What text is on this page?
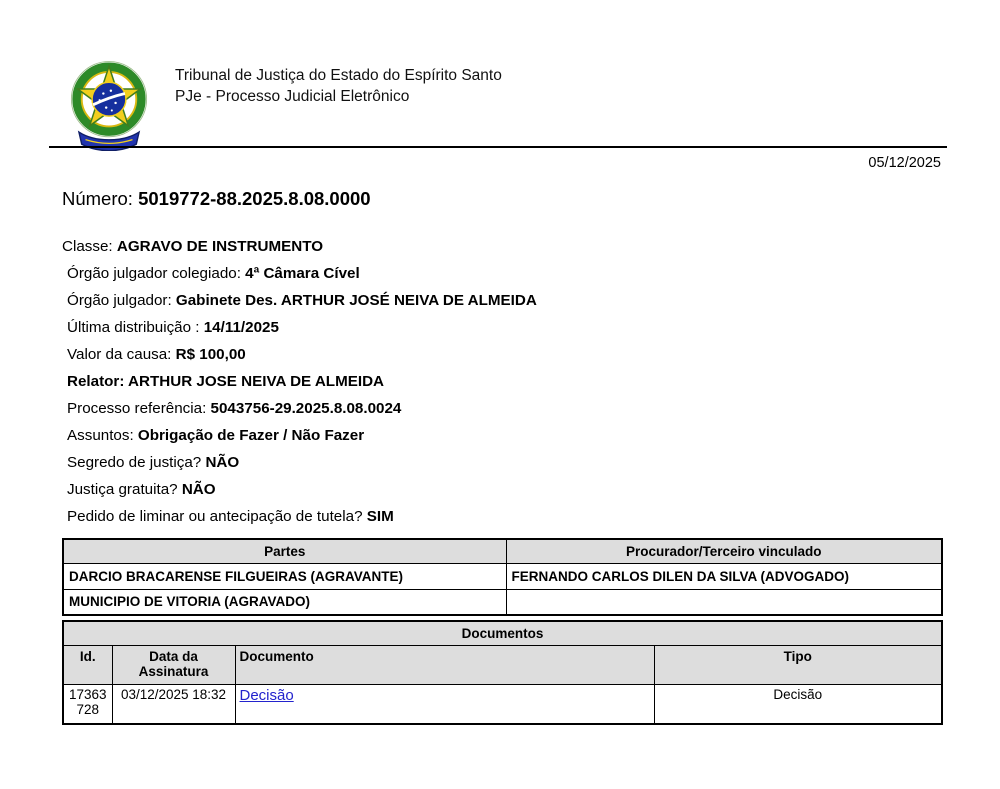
Tribunal de Justiça do Estado do Espírito Santo
PJe - Processo Judicial Eletrônico
05/12/2025
Número: 5019772-88.2025.8.08.0000
Classe: AGRAVO DE INSTRUMENTO
Órgão julgador colegiado: 4ª Câmara Cível
Órgão julgador: Gabinete Des. ARTHUR JOSÉ NEIVA DE ALMEIDA
Última distribuição : 14/11/2025
Valor da causa: R$ 100,00
Relator: ARTHUR JOSE NEIVA DE ALMEIDA
Processo referência: 5043756-29.2025.8.08.0024
Assuntos: Obrigação de Fazer / Não Fazer
Segredo de justiça? NÃO
Justiça gratuita? NÃO
Pedido de liminar ou antecipação de tutela? SIM
Partes	Procurador/Terceiro vinculado
DARCIO BRACARENSE FILGUEIRAS (AGRAVANTE)	FERNANDO CARLOS DILEN DA SILVA (ADVOGADO)
MUNICIPIO DE VITORIA (AGRAVADO)	
Documentos			
Id.	Data da Assinatura	Documento	Tipo
17363728	03/12/2025 18:32	Decisão	Decisão
